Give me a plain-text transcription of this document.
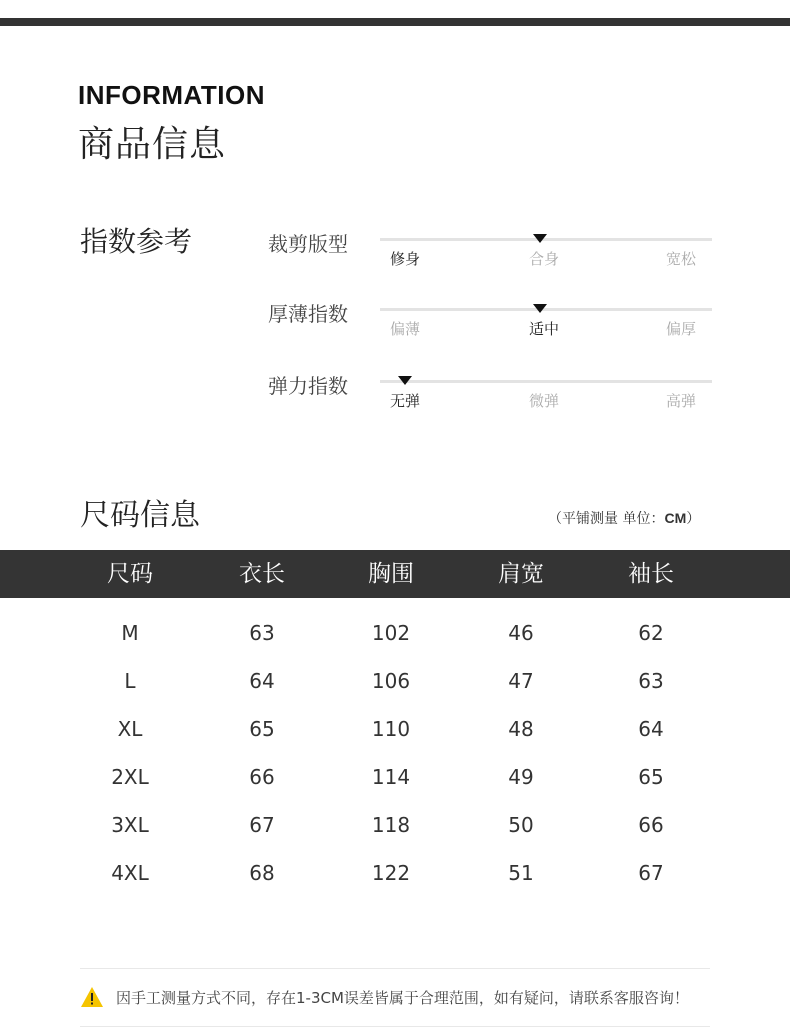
INFORMATION
商品信息
指数参考	裁剪版型
修身	合身	宽松
厚薄指数
偏薄	适中	偏厚
弹力指数
无弹	微弹	高弹
尺码信息	（平铺测量 单位：CM）
尺码	衣长	胸围	肩宽	袖长
M	63	102	46	62
L	64	106	47	63
XL	65	110	48	64
2XL	66	114	49	65
3XL	67	118	50	66
4XL	68	122	51	67
因手工测量方式不同，存在1-3CM误差皆属于合理范围，如有疑问，请联系客服咨询！
